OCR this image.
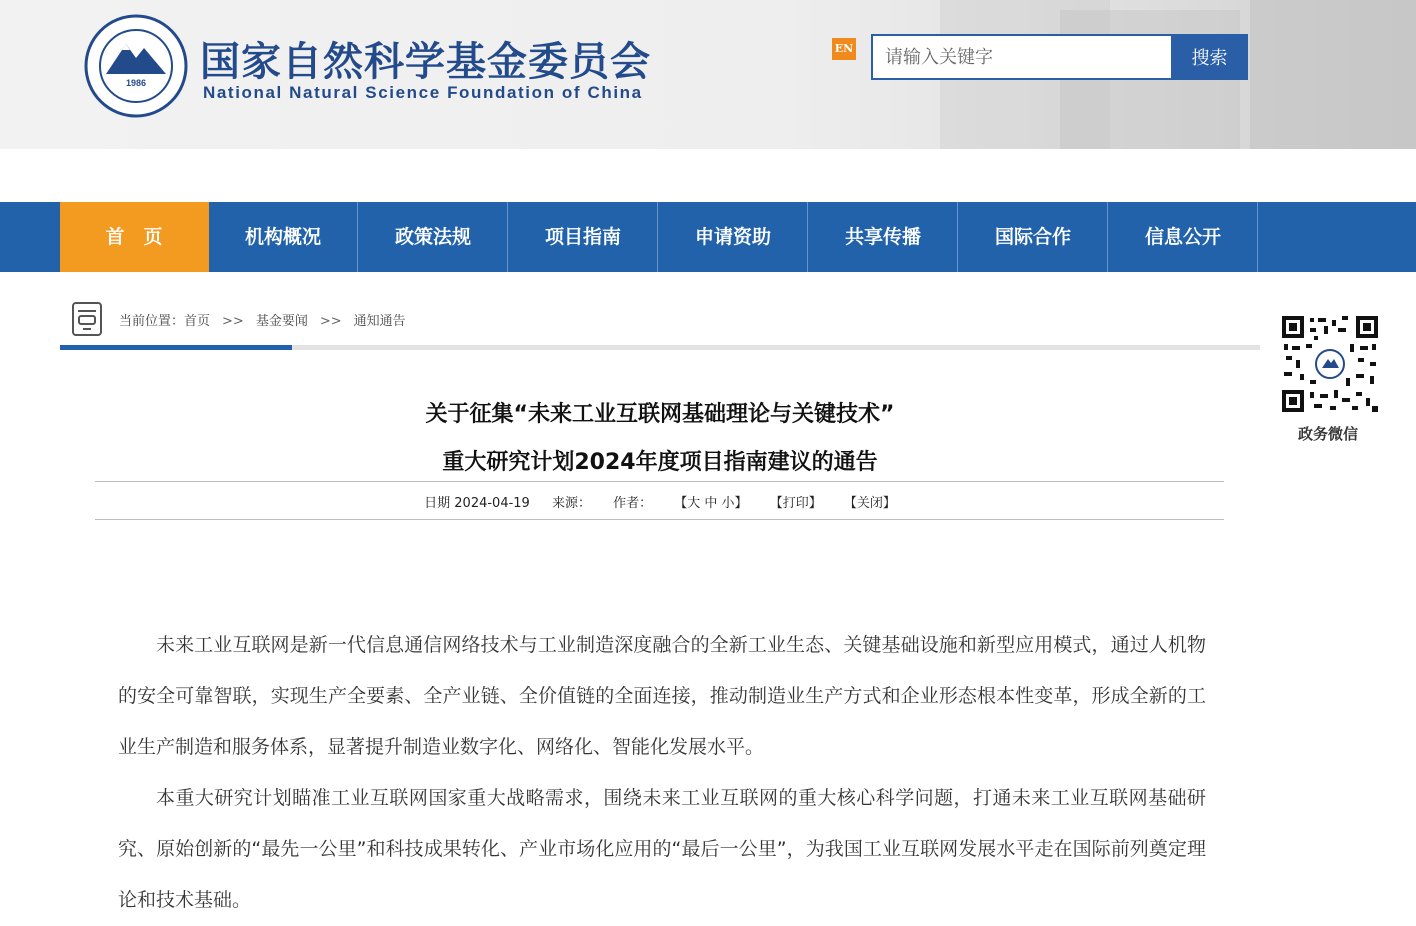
1986 国家自然科学基金委员会
National Natural Science Foundation of China
EN
请输入关键字	搜索
首　页	机构概况	政策法规	项目指南	申请资助	共享传播	国际合作	信息公开
当前位置：首页 >> 基金要闻 >> 通知通告
政务微信
关于征集“未来工业互联网基础理论与关键技术”
重大研究计划2024年度项目指南建议的通告
日期 2024-04-19 来源： 作者： 【大 中 小】 【打印】 【关闭】

未来工业互联网是新一代信息通信网络技术与工业制造深度融合的全新工业生态、关键基础设施和新型应用模式，通过人机物的安全可靠智联，实现生产全要素、全产业链、全价值链的全面连接，推动制造业生产方式和企业形态根本性变革，形成全新的工业生产制造和服务体系，显著提升制造业数字化、网络化、智能化发展水平。

本重大研究计划瞄准工业互联网国家重大战略需求，围绕未来工业互联网的重大核心科学问题，打通未来工业互联网基础研究、原始创新的“最先一公里”和科技成果转化、产业市场化应用的“最后一公里”，为我国工业互联网发展水平走在国际前列奠定理论和技术基础。
